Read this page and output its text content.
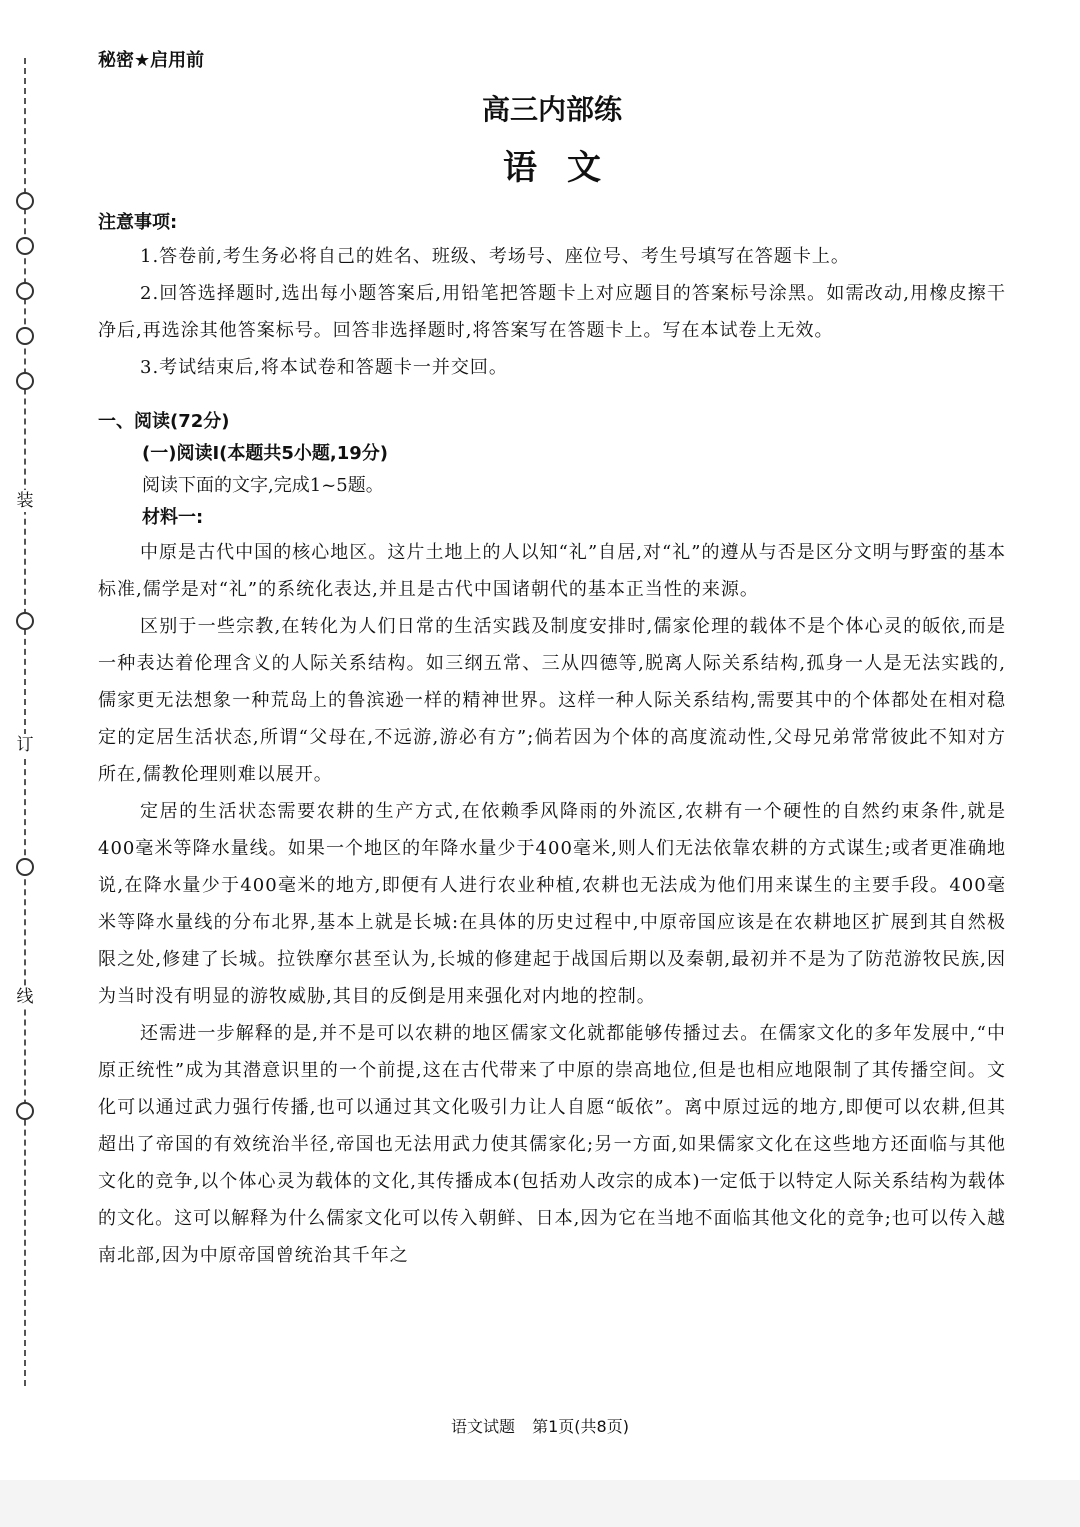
装
订
线
秘密★启用前
高三内部练
语文
注意事项:

1.答卷前,考生务必将自己的姓名、班级、考场号、座位号、考生号填写在答题卡上。

2.回答选择题时,选出每小题答案后,用铅笔把答题卡上对应题目的答案标号涂黑。如需改动,用橡皮擦干净后,再选涂其他答案标号。回答非选择题时,将答案写在答题卡上。写在本试卷上无效。

3.考试结束后,将本试卷和答题卡一并交回。

一、阅读(72分)
(一)阅读Ⅰ(本题共5小题,19分)
阅读下面的文字,完成1~5题。
材料一:

中原是古代中国的核心地区。这片土地上的人以知“礼”自居,对“礼”的遵从与否是区分文明与野蛮的基本标准,儒学是对“礼”的系统化表达,并且是古代中国诸朝代的基本正当性的来源。

区别于一些宗教,在转化为人们日常的生活实践及制度安排时,儒家伦理的载体不是个体心灵的皈依,而是一种表达着伦理含义的人际关系结构。如三纲五常、三从四德等,脱离人际关系结构,孤身一人是无法实践的,儒家更无法想象一种荒岛上的鲁滨逊一样的精神世界。这样一种人际关系结构,需要其中的个体都处在相对稳定的定居生活状态,所谓“父母在,不远游,游必有方”;倘若因为个体的高度流动性,父母兄弟常常彼此不知对方所在,儒教伦理则难以展开。

定居的生活状态需要农耕的生产方式,在依赖季风降雨的外流区,农耕有一个硬性的自然约束条件,就是400毫米等降水量线。如果一个地区的年降水量少于400毫米,则人们无法依靠农耕的方式谋生;或者更准确地说,在降水量少于400毫米的地方,即便有人进行农业种植,农耕也无法成为他们用来谋生的主要手段。400毫米等降水量线的分布北界,基本上就是长城:在具体的历史过程中,中原帝国应该是在农耕地区扩展到其自然极限之处,修建了长城。拉铁摩尔甚至认为,长城的修建起于战国后期以及秦朝,最初并不是为了防范游牧民族,因为当时没有明显的游牧威胁,其目的反倒是用来强化对内地的控制。

还需进一步解释的是,并不是可以农耕的地区儒家文化就都能够传播过去。在儒家文化的多年发展中,“中原正统性”成为其潜意识里的一个前提,这在古代带来了中原的崇高地位,但是也相应地限制了其传播空间。文化可以通过武力强行传播,也可以通过其文化吸引力让人自愿“皈依”。离中原过远的地方,即便可以农耕,但其超出了帝国的有效统治半径,帝国也无法用武力使其儒家化;另一方面,如果儒家文化在这些地方还面临与其他文化的竞争,以个体心灵为载体的文化,其传播成本(包括劝人改宗的成本)一定低于以特定人际关系结构为载体的文化。这可以解释为什么儒家文化可以传入朝鲜、日本,因为它在当地不面临其他文化的竞争;也可以传入越南北部,因为中原帝国曾统治其千年之

语文试题 第1页(共8页)
